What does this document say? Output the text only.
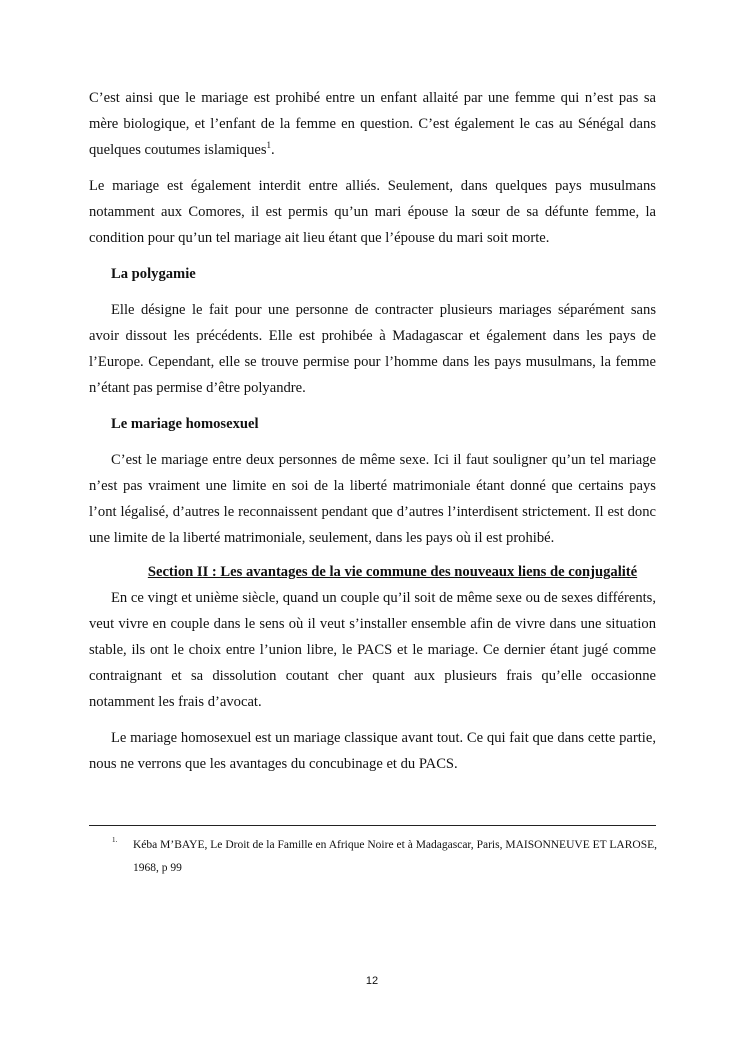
C’est ainsi que le mariage est prohibé entre un enfant allaité par une femme qui n’est pas sa mère biologique, et l’enfant de la femme en question. C’est également le cas au Sénégal dans quelques coutumes islamiques$^1$.

Le mariage est également interdit entre alliés. Seulement, dans quelques pays musulmans notamment aux Comores, il est permis qu’un mari épouse la sœur de sa défunte femme, la condition pour qu’un tel mariage ait lieu étant que l’épouse du mari soit morte.

La polygamie

Elle désigne le fait pour une personne de contracter plusieurs mariages séparément sans avoir dissout les précédents. Elle est prohibée à Madagascar et également dans les pays de l’Europe. Cependant, elle se trouve permise pour l’homme dans les pays musulmans, la femme n’étant pas permise d’être polyandre.

Le mariage homosexuel

C’est le mariage entre deux personnes de même sexe. Ici il faut souligner qu’un tel mariage n’est pas vraiment une limite en soi de la liberté matrimoniale étant donné que certains pays l’ont légalisé, d’autres le reconnaissent pendant que d’autres l’interdisent strictement. Il est donc une limite de la liberté matrimoniale, seulement, dans les pays où il est prohibé.

Section II : Les avantages de la vie commune des nouveaux liens de conjugalité

En ce vingt et unième siècle, quand un couple qu’il soit de même sexe ou de sexes différents, veut vivre en couple dans le sens où il veut s’installer ensemble afin de vivre dans une situation stable, ils ont le choix entre l’union libre, le PACS et le mariage. Ce dernier étant jugé comme contraignant et sa dissolution coutant cher quant aux plusieurs frais qu’elle occasionne notamment les frais d’avocat.

Le mariage homosexuel est un mariage classique avant tout. Ce qui fait que dans cette partie, nous ne verrons que les avantages du concubinage et du PACS.

1. Kéba M’BAYE, Le Droit de la Famille en Afrique Noire et à Madagascar, Paris, MAISONNEUVE ET LAROSE, 1968, p 99
12
